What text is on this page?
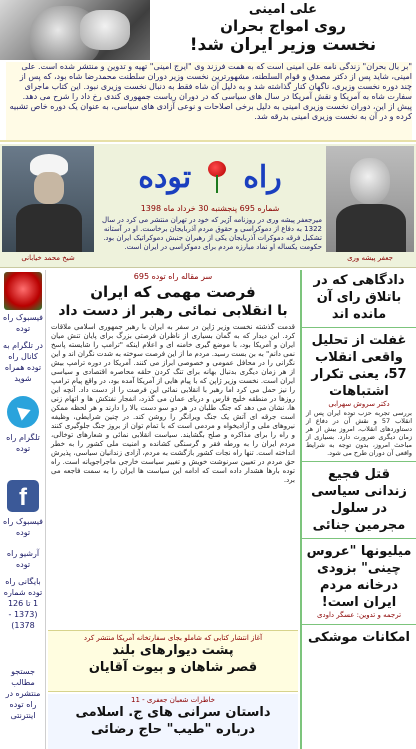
علی امینی
روی امواج بحران
نخست وزیر ایران شد!
"بر بال بحران" زندگی نامه علی امینی است که به همت فرزند وی "ایرج امینی" تهیه و تدوین و منتشر شده است. علی امینی، شاید پس از دکتر مصدق و قوام السلطنه، مشهورترین نخست وزیر دوران سلطنت محمدرضا شاه بود، که پس از چند دوره نخست وزیری، ناگهان کنار گذاشته شد و به دلیل آن شاه فقط به دنبال نخست وزیری نبود. این کتاب ماجرای سفارت شاه به آمریکا و نقش آمریکا در سال های سیاسی که در دوران ریاست جمهوری کندی رخ داد را شرح می دهد. پیش از این، دوران نخست وزیری امینی به دلیل برخی اصلاحات و نوعی آزادی های سیاسی، به عنوان یک دوره خاص تشبیه کرده و در آن به نخست وزیری امینی بدرقه شد.
شیخ محمد خیابانی
راه
توده
شماره 695 پنجشنبه 30 خرداد ماه 1398
میرجعفر پیشه وری در روزنامه آژیر که خود در تهران منتشر می کرد در سال 1322 به دفاع از دموکراسی و حقوق مردم آذربایجان برخاست. او در آستانه تشکیل فرقه دموکرات آذربایجان یکی از رهبران جنبش دموکراتیک ایران بود. حکومت یکساله او نماد مبارزه مردم برای دموکراسی در ایران است.
جعفر پیشه وری
فیسبوک راه توده
در تلگرام به کانال راه توده همراه شوید
تلگرام راه توده
f
فیسبوک راه توده
آرشیو راه توده
بایگانی راه توده شماره 1 تا 126 (1373 - 1378)
جستجو مطالب منتشره در راه توده اینترنتی
سر مقاله راه توده 695
فرصت مهمی که ایران
با انقلابی نمائی رهبر از دست داد
قدمت گذشته نخست وزیر ژاپن در سفر به ایران با رهبر جمهوری اسلامی ملاقات کرد. این دیدار که به گمان بسیاری از ناظران فرصتی بزرگ برای پایان تنش میان ایران و آمریکا بود، با موضع گیری خامنه ای و اعلام اینکه "ترامپ را شایسته پاسخ نمی دانم" به بن بست رسید. مردم ما از این فرصت سوخته به شدت نگران اند و این نگرانی را در محافل عمومی و خصوصی ابراز می کنند. آمریکا در دوره ترامپ بیش از هر زمان دیگری بدنبال بهانه برای تنگ کردن حلقه محاصره اقتصادی و سیاسی ایران است. نخست وزیر ژاپن که با پیام هایی از آمریکا آمده بود، در واقع پیام ترامپ را نیز حمل می کرد اما رهبر با انقلابی نمائی این فرصت را از دست داد. آنچه این روزها در منطقه خلیج فارس و دریای عمان می گذرد، انفجار نفتکش ها و اتهام زنی ها، نشان می دهد که جنگ طلبان در هر دو سو دست بالا را دارند و هر لحظه ممکن است جرقه ای آتش یک جنگ ویرانگر را روشن کند. در چنین شرایطی، وظیفه نیروهای ملی و آزادیخواه و مردمی است که با تمام توان از بروز جنگ جلوگیری کنند و راه را برای مذاکره و صلح بگشایند. سیاست انقلابی نمائی و شعارهای توخالی، مردم ایران را به ورطه فقر و گرسنگی کشانده و امنیت ملی کشور را به خطر انداخته است. تنها راه نجات کشور بازگشت به مردم، آزادی زندانیان سیاسی، پذیرش حق مردم در تعیین سرنوشت خویش و تغییر سیاست خارجی ماجراجویانه است. راه توده بارها هشدار داده است که ادامه این سیاست ها ایران را به سمت فاجعه می برد.
آغاز انتشار کتابی که شاملو بجای سفارتخانه آمریکا منتشر کرد
پشت دیوارهای بلند
قصر شاهان و بیوت آقایان
خاطرات شعبان جعفری - 11
داستان سرانی های ج. اسلامی
درباره "طیب" حاج رضائی
دادگاهی که در باتلاق رای آن مانده اند
غفلت از تحلیل واقعی انقلاب 57، یعنی تکرار اشتباهات
دکتر سروش سهرابی
بررسی تجربه حزب توده ایران پس از انقلاب 57 و نقش آن در دفاع از دستاوردهای انقلاب، امروز بیش از هر زمان دیگری ضرورت دارد. بسیاری از مباحث امروز، بدون توجه به شرایط واقعی آن دوران طرح می شود.
قتل فجیع زندانی سیاسی در سلول مجرمین جنائی
میلیونها "عروس چینی" بزودی درخانه مردم ایران است!
ترجمه و تدوین: عسگر داودی
امکانات موشکی
